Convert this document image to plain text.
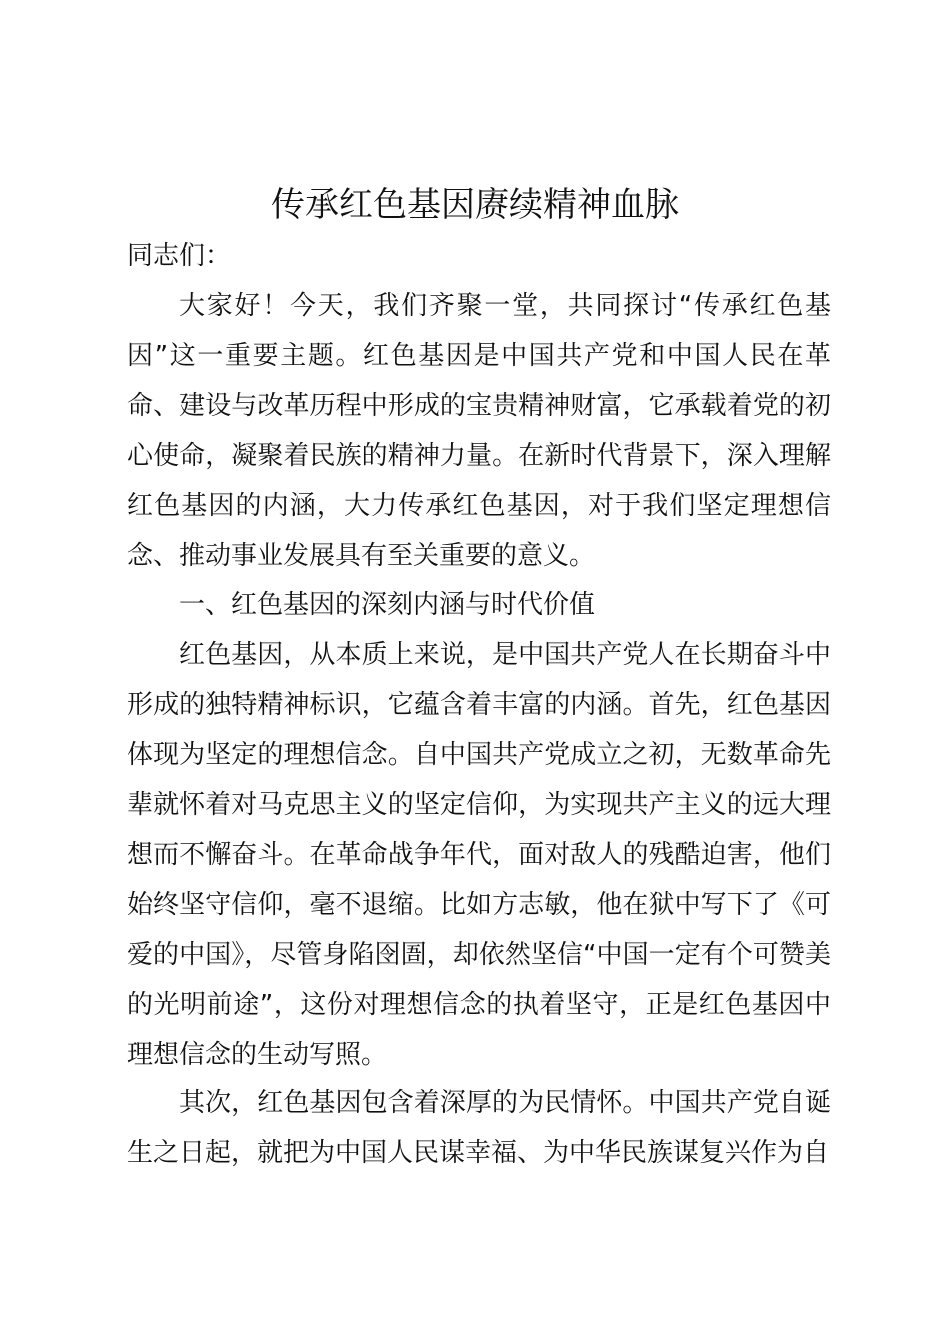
传承红色基因赓续精神血脉

同志们：

大家好！今天，我们齐聚一堂，共同探讨“传承红色基因”这一重要主题。红色基因是中国共产党和中国人民在革命、建设与改革历程中形成的宝贵精神财富，它承载着党的初心使命，凝聚着民族的精神力量。在新时代背景下，深入理解红色基因的内涵，大力传承红色基因，对于我们坚定理想信念、推动事业发展具有至关重要的意义。

一、红色基因的深刻内涵与时代价值

红色基因，从本质上来说，是中国共产党人在长期奋斗中形成的独特精神标识，它蕴含着丰富的内涵。首先，红色基因体现为坚定的理想信念。自中国共产党成立之初，无数革命先辈就怀着对马克思主义的坚定信仰，为实现共产主义的远大理想而不懈奋斗。在革命战争年代，面对敌人的残酷迫害，他们始终坚守信仰，毫不退缩。比如方志敏，他在狱中写下了《可爱的中国》，尽管身陷囹圄，却依然坚信“中国一定有个可赞美的光明前途”，这份对理想信念的执着坚守，正是红色基因中理想信念的生动写照。

其次，红色基因包含着深厚的为民情怀。中国共产党自诞生之日起，就把为中国人民谋幸福、为中华民族谋复兴作为自
